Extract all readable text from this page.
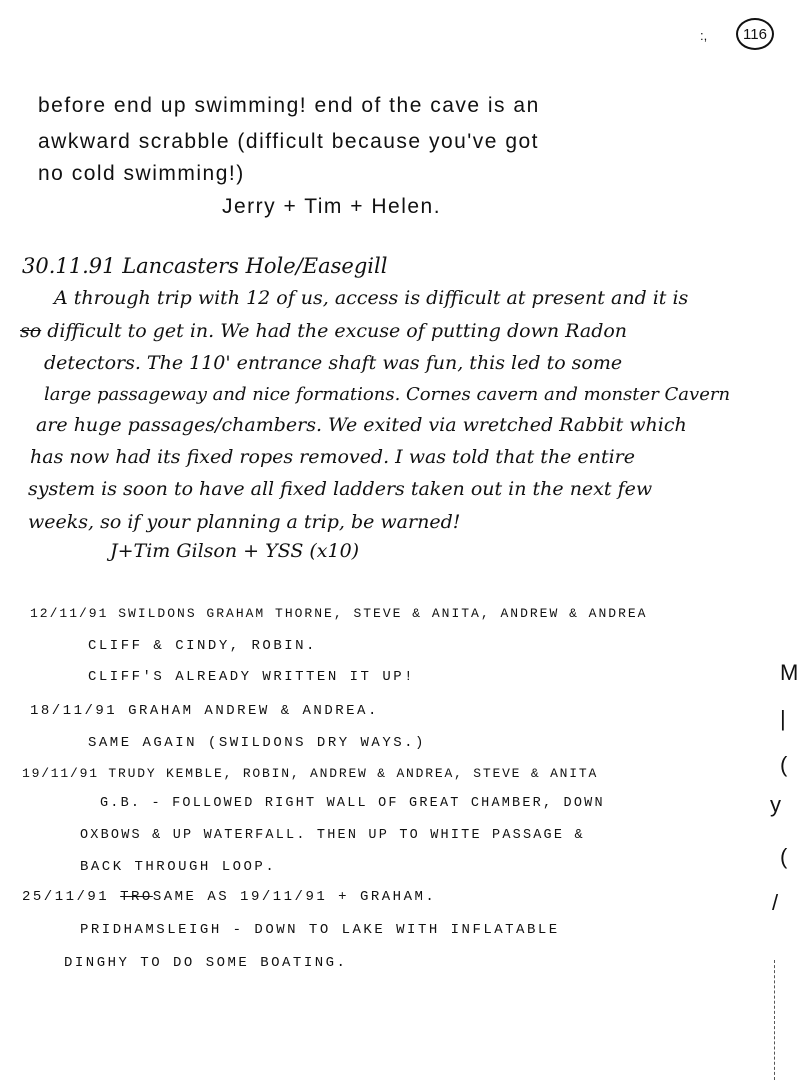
:,	116
before end up swimming! end of the cave is an
awkward scrabble (difficult because you've got
no cold swimming!)
Jerry + Tim + Helen.
30.11.91 Lancasters Hole/Easegill
A through trip with 12 of us, access is difficult at present and it is
so difficult to get in. We had the excuse of putting down Radon
detectors. The 110' entrance shaft was fun, this led to some
large passageway and nice formations. Cornes cavern and monster Cavern
are huge passages/chambers. We exited via wretched Rabbit which
has now had its fixed ropes removed. I was told that the entire
system is soon to have all fixed ladders taken out in the next few
weeks, so if your planning a trip, be warned!
J+Tim Gilson + YSS (x10)
12/11/91 SWILDONS GRAHAM THORNE, STEVE & ANITA, ANDREW & ANDREA
CLIFF & CINDY, ROBIN.
CLIFF'S ALREADY WRITTEN IT UP!
18/11/91 GRAHAM ANDREW & ANDREA.
SAME AGAIN (SWILDONS DRY WAYS.)
19/11/91 TRUDY KEMBLE, ROBIN, ANDREW & ANDREA, STEVE & ANITA
G.B. - FOLLOWED RIGHT WALL OF GREAT CHAMBER, DOWN
OXBOWS & UP WATERFALL. THEN UP TO WHITE PASSAGE &
BACK THROUGH LOOP.
25/11/91 TROSAME AS 19/11/91 + GRAHAM.
PRIDHAMSLEIGH - DOWN TO LAKE WITH INFLATABLE
DINGHY TO DO SOME BOATING.
M
|
(
y
(
/
